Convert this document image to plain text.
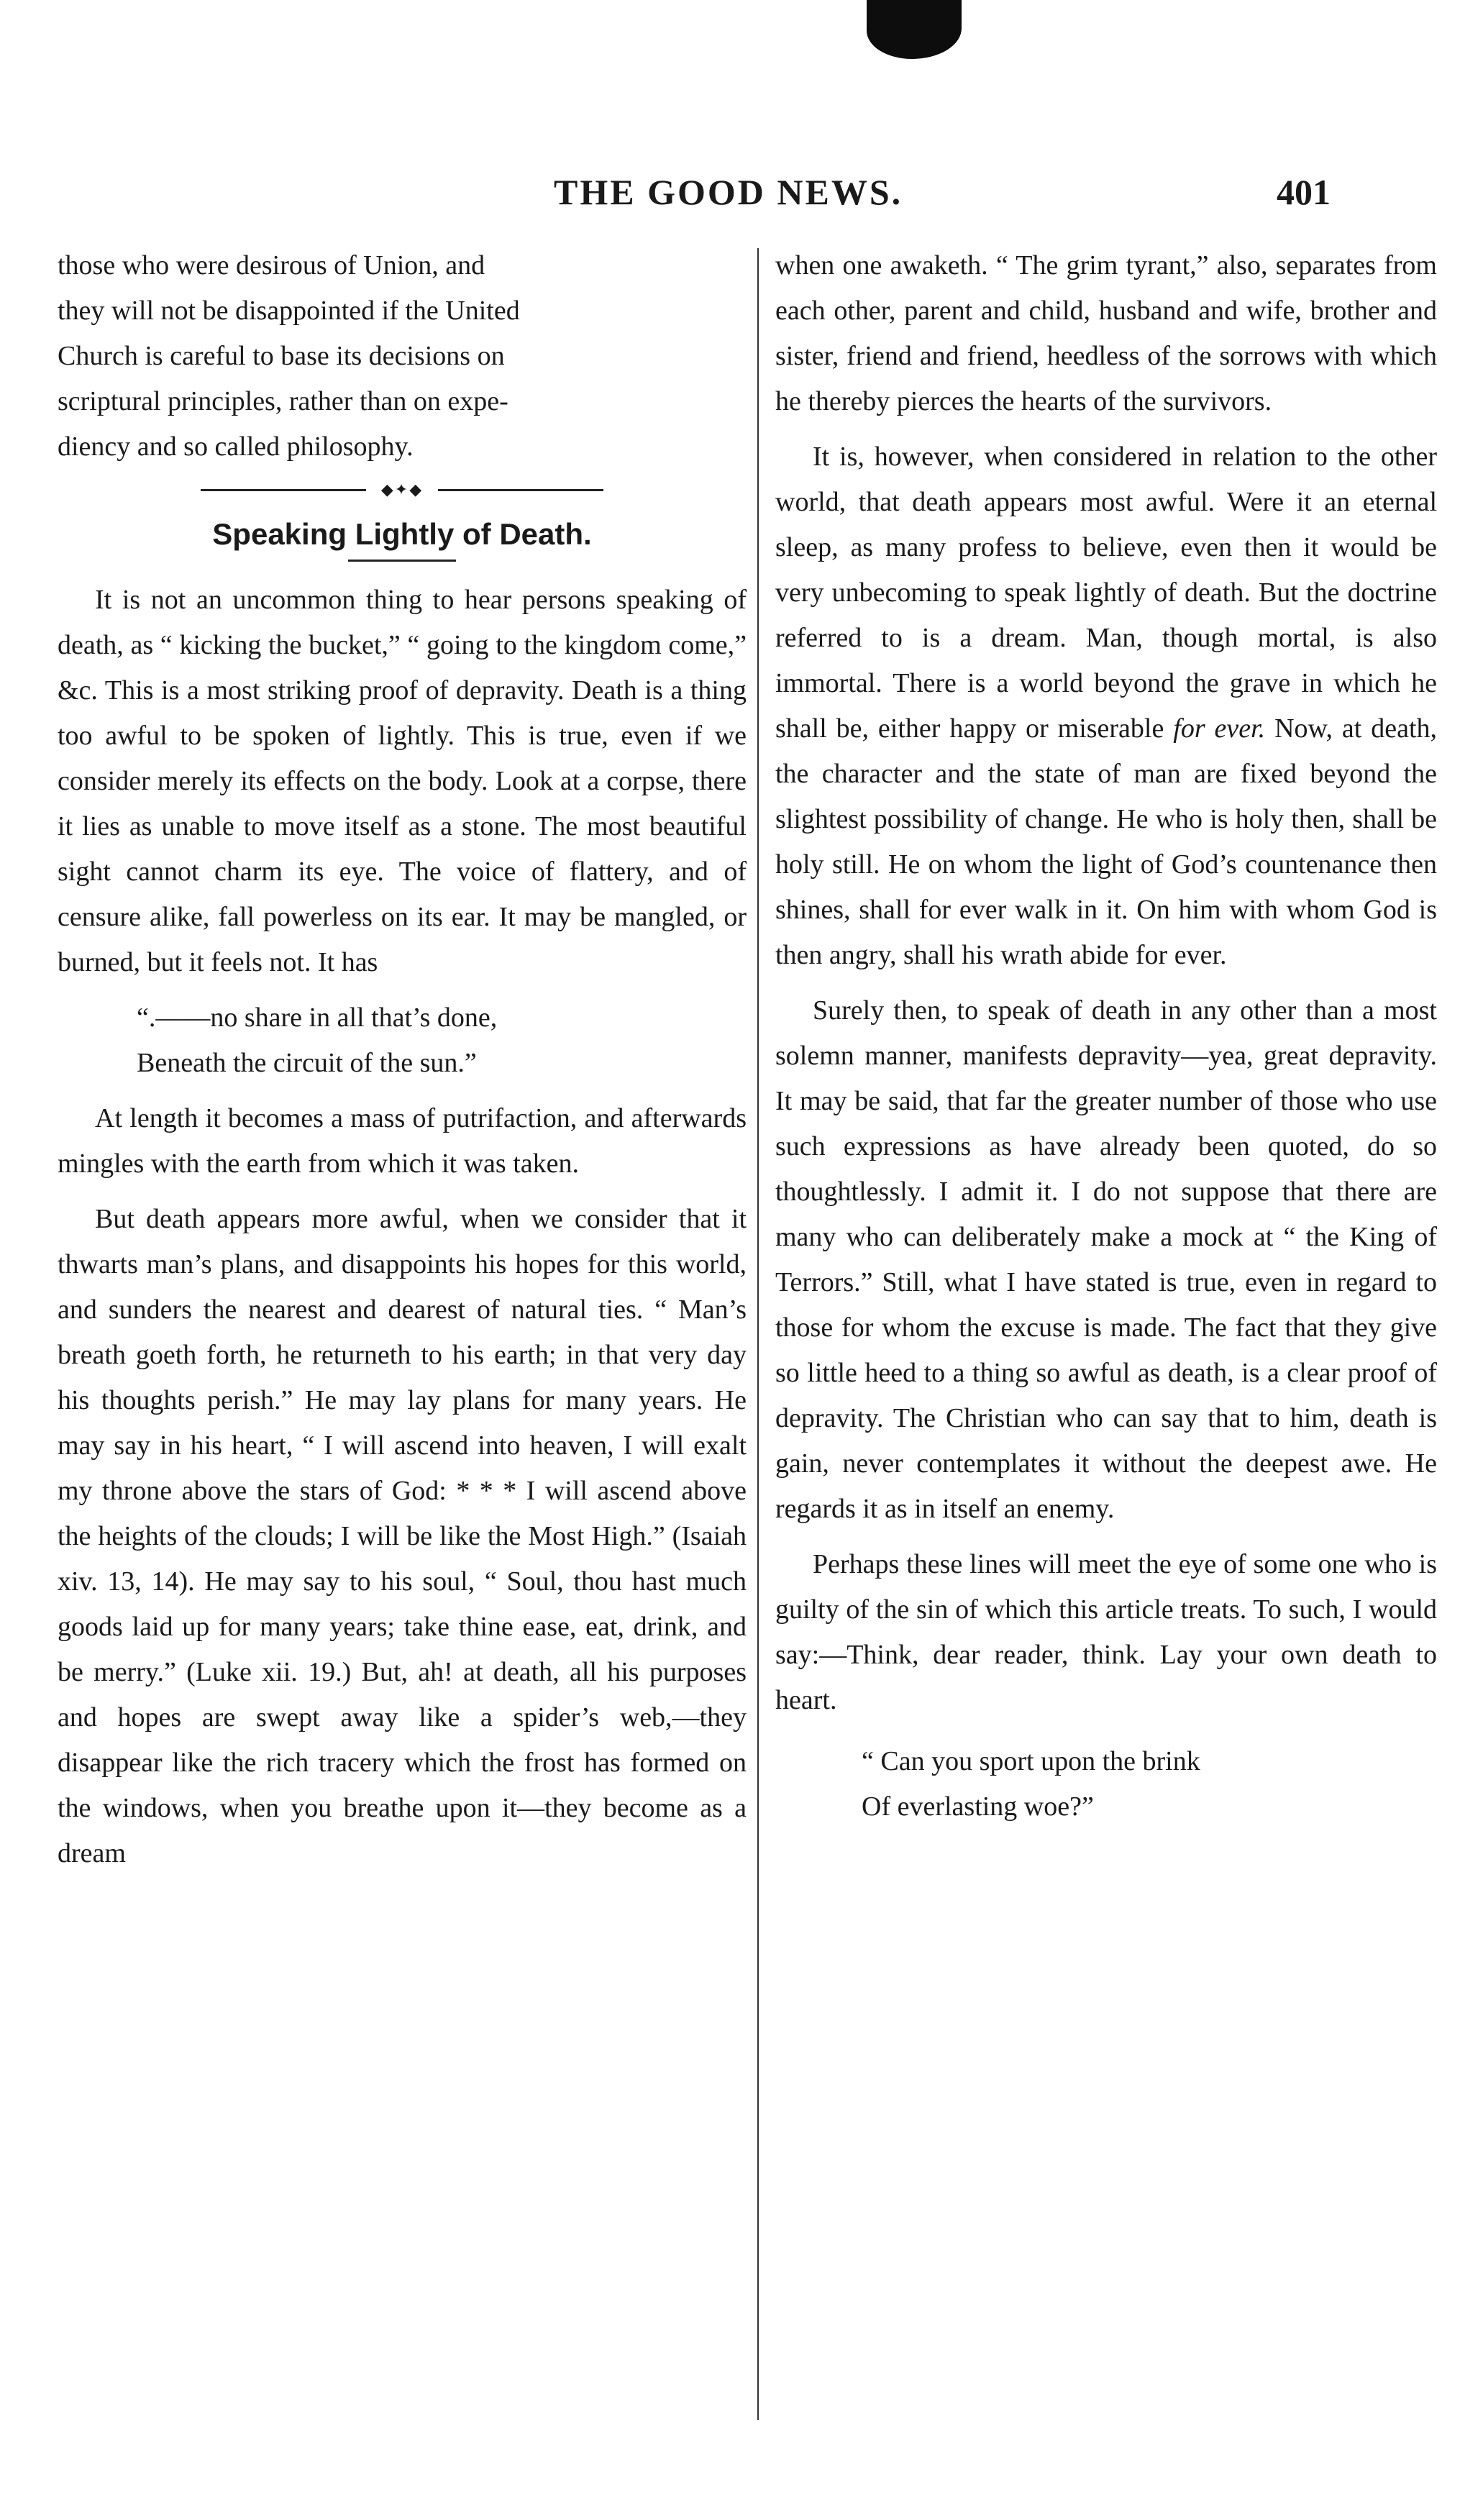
THE GOOD NEWS.	401

those who were desirous of Union, and

they will not be disappointed if the United

Church is careful to base its decisions on

scriptural principles, rather than on expe-

diency and so called philosophy.

◆✦◆
Speaking Lightly of Death.

It is not an uncommon thing to hear persons speaking of death, as “ kicking the bucket,” “ going to the kingdom come,” &c. This is a most striking proof of depravity. Death is a thing too awful to be spoken of lightly. This is true, even if we consider merely its effects on the body. Look at a corpse, there it lies as unable to move itself as a stone. The most beautiful sight cannot charm its eye. The voice of flattery, and of censure alike, fall powerless on its ear. It may be mangled, or burned, but it feels not. It has

“.——no share in all that’s done,
Beneath the circuit of the sun.”

At length it becomes a mass of putrifaction, and afterwards mingles with the earth from which it was taken.

But death appears more awful, when we consider that it thwarts man’s plans, and disappoints his hopes for this world, and sunders the nearest and dearest of natural ties. “ Man’s breath goeth forth, he returneth to his earth; in that very day his thoughts perish.” He may lay plans for many years. He may say in his heart, “ I will ascend into heaven, I will exalt my throne above the stars of God: * * * I will ascend above the heights of the clouds; I will be like the Most High.” (Isaiah xiv. 13, 14). He may say to his soul, “ Soul, thou hast much goods laid up for many years; take thine ease, eat, drink, and be merry.” (Luke xii. 19.) But, ah! at death, all his purposes and hopes are swept away like a spider’s web,—they disappear like the rich tracery which the frost has formed on the windows, when you breathe upon it—they become as a dream

when one awaketh. “ The grim tyrant,” also, separates from each other, parent and child, husband and wife, brother and sister, friend and friend, heedless of the sorrows with which he thereby pierces the hearts of the survivors.

It is, however, when considered in relation to the other world, that death appears most awful. Were it an eternal sleep, as many profess to believe, even then it would be very unbecoming to speak lightly of death. But the doctrine referred to is a dream. Man, though mortal, is also immortal. There is a world beyond the grave in which he shall be, either happy or miserable for ever. Now, at death, the character and the state of man are fixed beyond the slightest possibility of change. He who is holy then, shall be holy still. He on whom the light of God’s countenance then shines, shall for ever walk in it. On him with whom God is then angry, shall his wrath abide for ever.

Surely then, to speak of death in any other than a most solemn manner, manifests depravity—yea, great depravity. It may be said, that far the greater number of those who use such expressions as have already been quoted, do so thoughtlessly. I admit it. I do not suppose that there are many who can deliberately make a mock at “ the King of Terrors.” Still, what I have stated is true, even in regard to those for whom the excuse is made. The fact that they give so little heed to a thing so awful as death, is a clear proof of depravity. The Christian who can say that to him, death is gain, never contemplates it without the deepest awe. He regards it as in itself an enemy.

Perhaps these lines will meet the eye of some one who is guilty of the sin of which this article treats. To such, I would say:—Think, dear reader, think. Lay your own death to heart.

“ Can you sport upon the brink
Of everlasting woe?”
